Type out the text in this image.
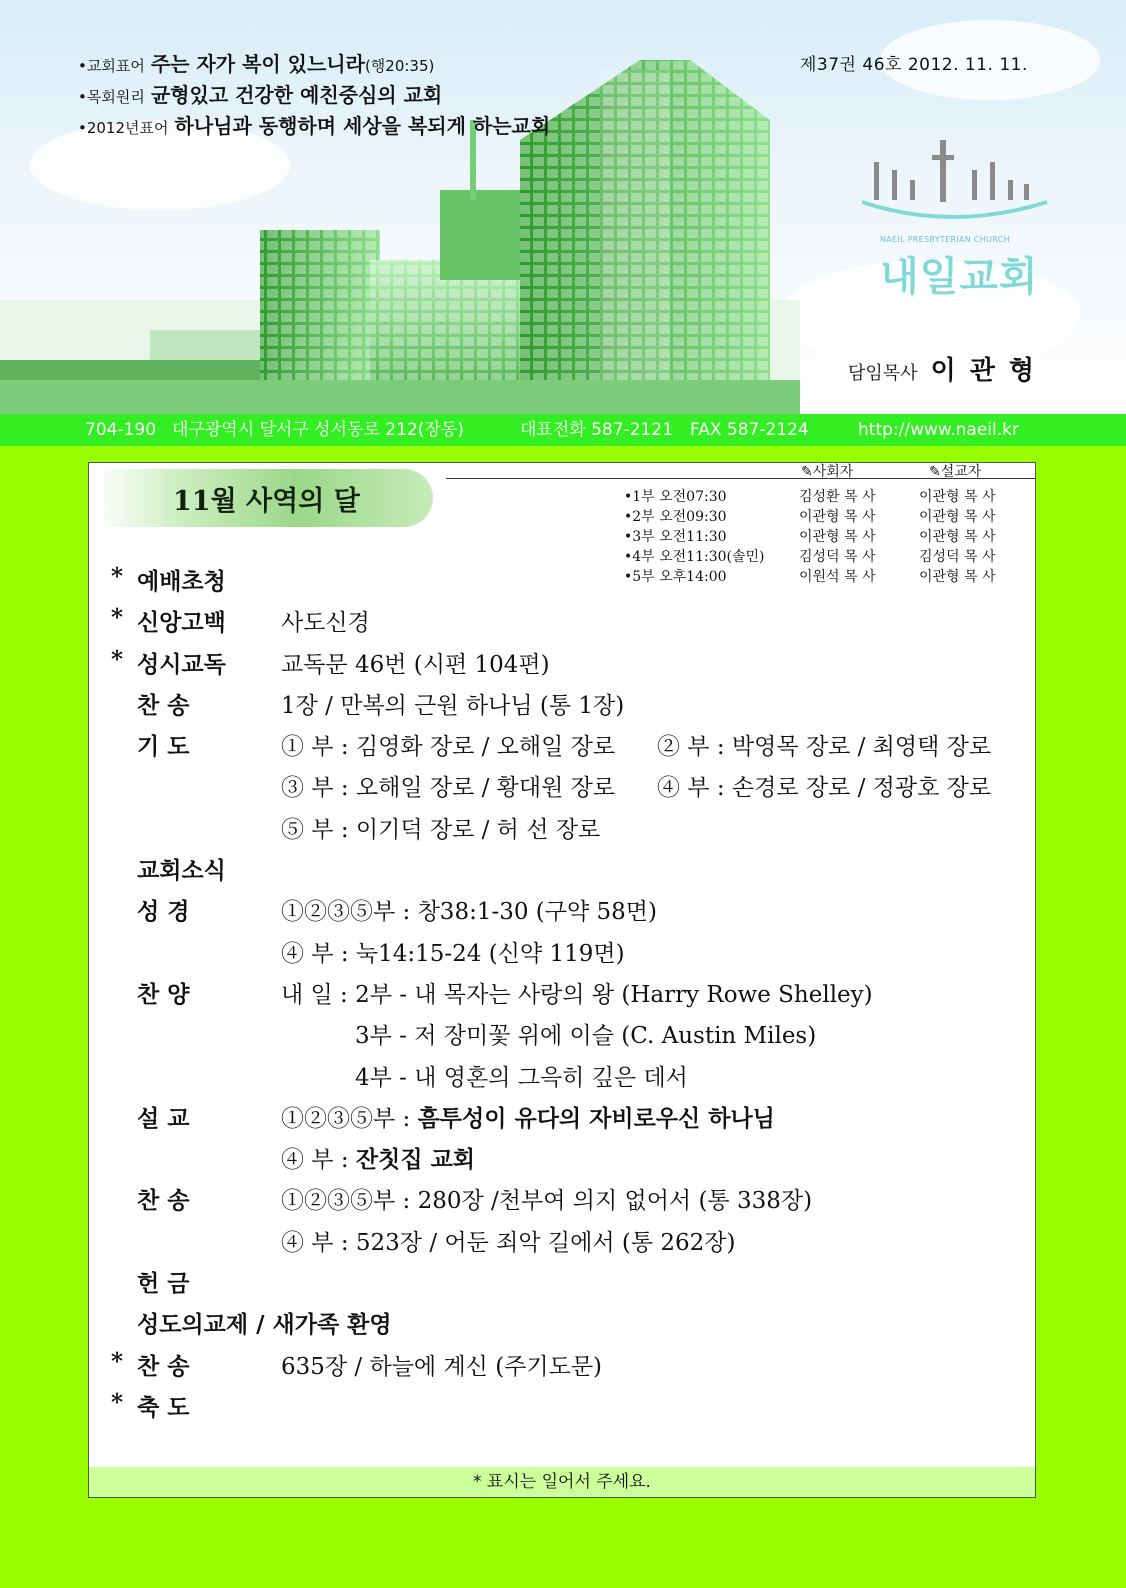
•교회표어 주는 자가 복이 있느니라(행20:35)
•목회원리 균형있고 건강한 예친중심의 교회
•2012년표어 하나님과 동행하며 세상을 복되게 하는교회
제37권 46호 2012. 11. 11.
NAEIL PRESBYTERIAN CHURCH
내일교회
담임목사 이관형
704-190 대구광역시 달서구 성서동로 212(장동)	대표전화 587-2121 FAX 587-2124	http://www.naeil.kr
11월 사역의 달
✎사회자	✎설교자
•1부 오전07:30	김성환 목 사	이관형 목 사
•2부 오전09:30	이관형 목 사	이관형 목 사
•3부 오전11:30	이관형 목 사	이관형 목 사
•4부 오전11:30(솔민) 김성덕 목 사	김성덕 목 사
•5부 오후14:00	이원석 목 사	이관형 목 사
* 예배초청
* 신앙고백 사도신경
* 성시교독 교독문 46번 (시편 104편)
찬 송	1장 / 만복의 근원 하나님 (통 1장)
기 도	① 부 : 김영화 장로 / 오해일 장로 ② 부 : 박영목 장로 / 최영택 장로
③ 부 : 오해일 장로 / 황대원 장로 ④ 부 : 손경로 장로 / 정광호 장로
⑤ 부 : 이기덕 장로 / 허 선 장로
교회소식
성 경	①②③⑤부 : 창38:1-30 (구약 58면)
④ 부 : 눅14:15-24 (신약 119면)
찬 양	내 일 : 2부 - 내 목자는 사랑의 왕 (Harry Rowe Shelley)
3부 - 저 장미꽃 위에 이슬 (C. Austin Miles)
4부 - 내 영혼의 그윽히 깊은 데서
설 교	①②③⑤부 : 흠투성이 유다의 자비로우신 하나님
④ 부 : 잔칫집 교회
찬 송	①②③⑤부 : 280장 /천부여 의지 없어서 (통 338장)
④ 부 : 523장 / 어둔 죄악 길에서 (통 262장)
헌 금
성도의교제 / 새가족 환영
* 찬 송	635장 / 하늘에 계신 (주기도문)
* 축 도
* 표시는 일어서 주세요.
